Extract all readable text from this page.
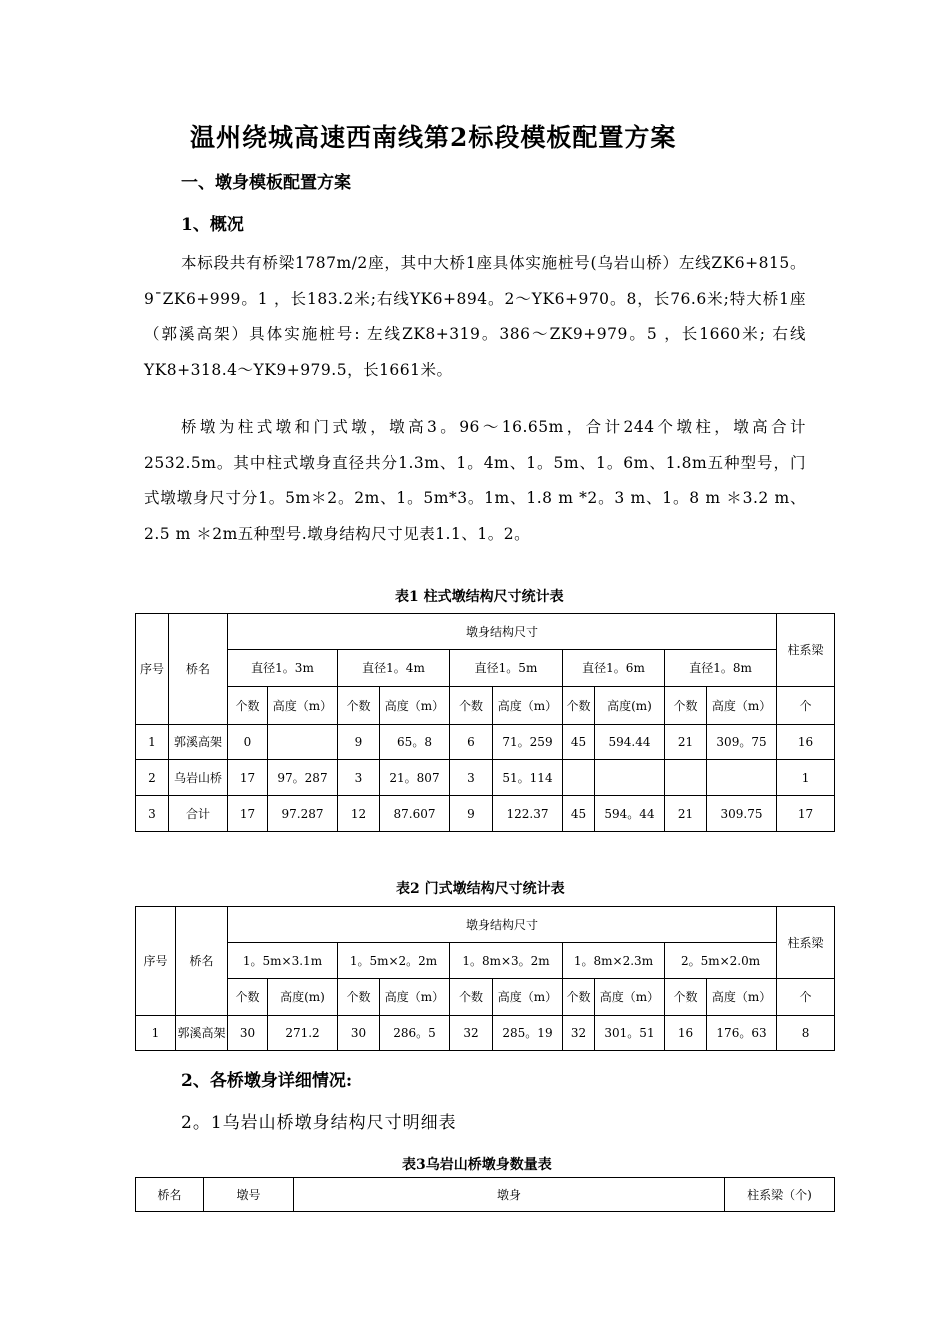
温州绕城高速西南线第2标段模板配置方案
一、墩身模板配置方案
1、概况

本标段共有桥梁1787m/2座，其中大桥1座具体实施桩号(乌岩山桥）左线ZK6+815。9¯ZK6+999。1 ，长183.2米;右线YK6+894。2～YK6+970。8，长76.6米;特大桥1座（郭溪高架）具体实施桩号: 左线ZK8+319。386～ZK9+979。5 ，长1660米; 右线YK8+318.4～YK9+979.5，长1661米。

桥墩为柱式墩和门式墩，墩高3。96～16.65m，合计244个墩柱，墩高合计2532.5m。其中柱式墩身直径共分1.3m、1。4m、1。5m、1。6m、1.8m五种型号，门式墩墩身尺寸分1。5m＊2。2m、1。5m*3。1m、1.8 m *2。3 m、1。8 m ＊3.2 m、2.5 m ＊2m五种型号.墩身结构尺寸见表1.1、1。2。

表1 柱式墩结构尺寸统计表
序号	桥名	墩身结构尺寸										柱系梁
		直径1。3m		直径1。4m		直径1。5m		直径1。6m		直径1。8m		
		个数	高度（m）	个数	高度（m）	个数	高度（m）	个数	高度(m)	个数	高度（m）	个
1	郭溪高架	0		9	65。8	6	71。259	45	594.44	21	309。75	16
2	乌岩山桥	17	97。287	3	21。807	3	51。114					1
3	合计	17	97.287	12	87.607	9	122.37	45	594。44	21	309.75	17
表2 门式墩结构尺寸统计表
序号	桥名	墩身结构尺寸										柱系梁
		1。5m×3.1m		1。5m×2。2m		1。8m×3。2m		1。8m×2.3m		2。5m×2.0m		
		个数	高度(m)	个数	高度（m）	个数	高度（m）	个数	高度（m）	个数	高度（m）	个
1	郭溪高架	30	271.2	30	286。5	32	285。19	32	301。51	16	176。63	8
2、各桥墩身详细情况:
2。1乌岩山桥墩身结构尺寸明细表
表3乌岩山桥墩身数量表
桥名	墩号	墩身	柱系梁（个)
